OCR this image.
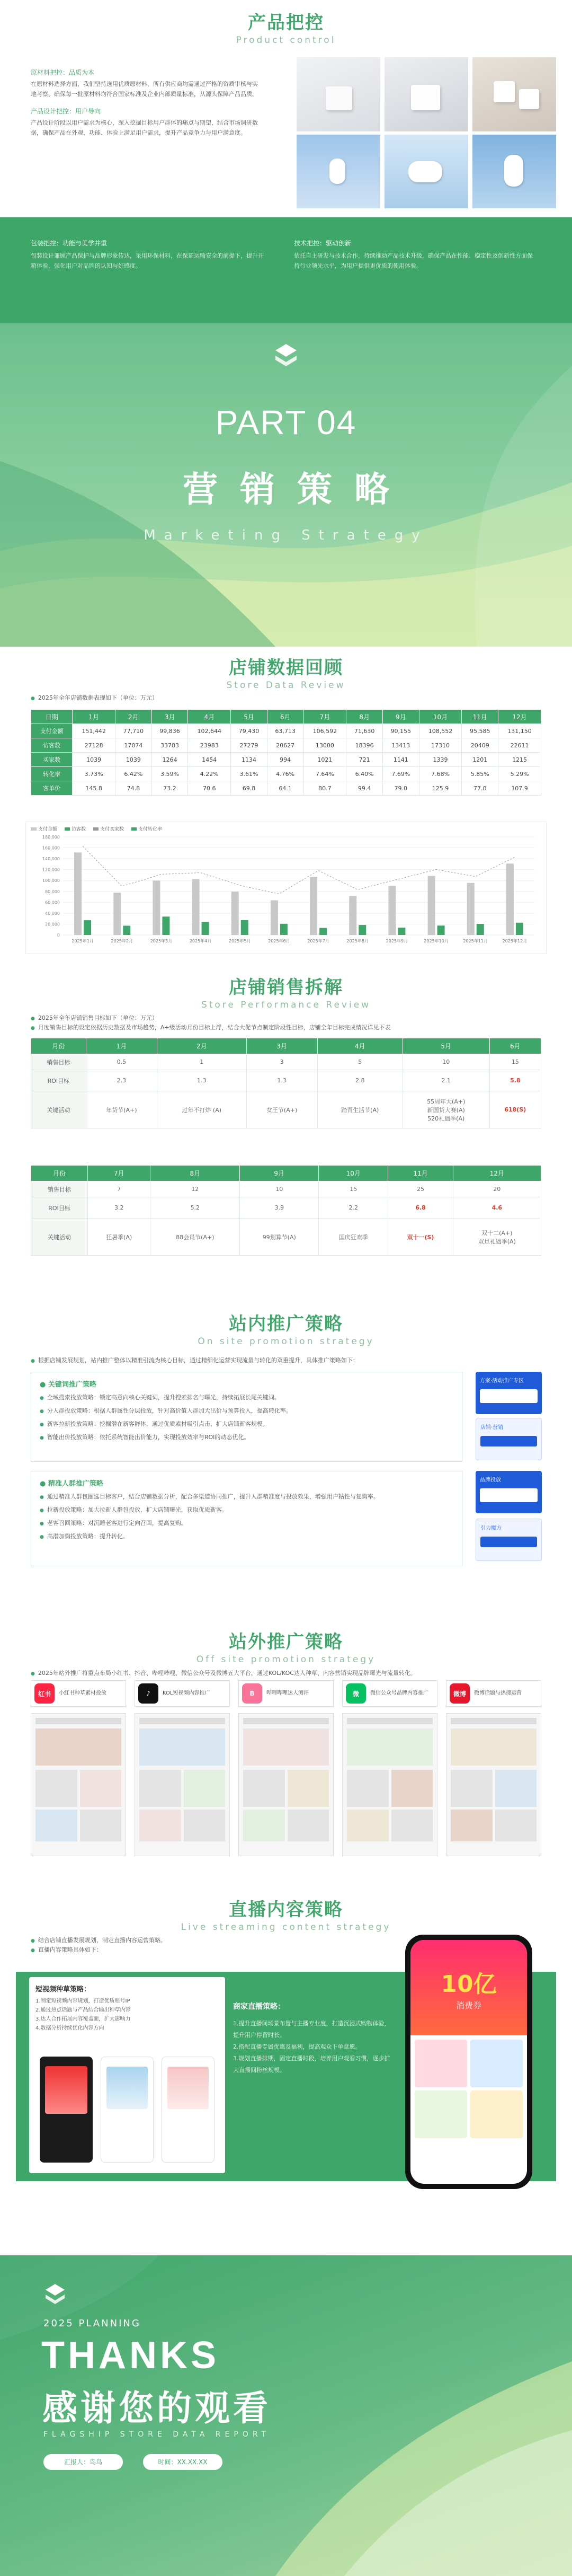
产品把控
Product control
原材料把控：品质为本
在原材料选择方面，我们坚持选用优质原材料，所有供应商均需通过严格的资质审核与实地考察，确保每一批原材料均符合国家标准及企业内部质量标准，从源头保障产品品质。
产品设计把控：用户导向
产品设计阶段以用户需求为核心，深入挖掘目标用户群体的痛点与期望，结合市场调研数据，确保产品在外观、功能、体验上满足用户需求，提升产品竞争力与用户满意度。
包装把控：功能与美学并重
包装设计兼顾产品保护与品牌形象传达，采用环保材料，在保证运输安全的前提下，提升开箱体验，强化用户对品牌的认知与好感度。
技术把控：驱动创新
依托自主研发与技术合作，持续推动产品技术升级，确保产品在性能、稳定性及创新性方面保持行业领先水平，为用户提供更优质的使用体验。
PART 04
营销策略
Marketing Strategy
店铺数据回顾
Store Data Review
● 2025年全年店铺数据表现如下（单位：万元）
日期	1月	2月	3月	4月	5月	6月	7月	8月	9月	10月	11月	12月
支付金额	151,442	77,710	99,836	102,644	79,430	63,713	106,592	71,630	90,155	108,552	95,585	131,150
访客数	27128	17074	33783	23983	27279	20627	13000	18396	13413	17310	20409	22611
买家数	1039	1039	1264	1454	1134	994	1021	721	1141	1339	1201	1215
转化率	3.73%	6.42%	3.59%	4.22%	3.61%	4.76%	7.64%	6.40%	7.69%	7.68%	5.85%	5.29%
客单价	145.8	74.8	73.2	70.6	69.8	64.1	80.7	99.4	79.0	125.9	77.0	107.9
支付金额	访客数	支付买家数	支付转化率
180,000
160,000
140,000
120,000
100,000
80,000
60,000
40,000
20,000
0
2025年1月	2025年2月	2025年3月	2025年4月	2025年5月	2025年6月	2025年7月	2025年8月	2025年9月	2025年10月	2025年11月	2025年12月
店铺销售拆解
Store Performance Review
● 2025年全年店铺销售目标如下（单位：万元）
● 月度销售目标的设定依据历史数据及市场趋势，A+级活动月份目标上浮，结合大促节点制定阶段性目标，店铺全年目标完成情况详见下表
月份	1月	2月	3月	4月	5月	6月
销售目标	0.5	1	3	5	10	15
ROI目标	2.3	1.3	1.3	2.8	2.1	5.8
关键活动	年货节(A+)	过年不打烊 (A)	女王节(A+)	踏青生活节(A)	55周年大(A+)
新国货大赛(A)
520礼遇季(A)	618(S)
月份	7月	8月	9月	10月	11月	12月
销售目标	7	12	10	15	25	20
ROI目标	3.2	5.2	3.9	2.2	6.8	4.6
关键活动	狂暑季(A)	88会员节(A+)	99划算节(A)	国庆狂欢季	双十一(S)	双十二(A+)
双旦礼遇季(A)
站内推广策略
On site promotion strategy
● 根据店铺发展规划，站内推广整体以精准引流为核心目标，通过精细化运营实现流量与转化的双重提升，具体推广策略如下：
● 关键词推广策略
● 全域搜索投放策略：锁定高意向核心关键词，提升搜索排名与曝光，持续拓展长尾关键词。
● 分人群投放策略：根据人群属性分层投放，针对高价值人群加大出价与预算投入，提高转化率。
● 新客拉新投放策略：挖掘潜在新客群体，通过优质素材吸引点击，扩大店铺新客规模。
● 智能出价投放策略：依托系统智能出价能力，实现投放效率与ROI的动态优化。
● 精准人群推广策略
● 通过精准人群包圈选目标客户，结合店铺数据分析，配合多渠道协同推广，提升人群精准度与投放效果，增强用户粘性与复购率。
● 拉新投放策略：加大拉新人群包投放，扩大店铺曝光，获取优质新客。
● 老客召回策略：对沉睡老客进行定向召回，提高复购。
● 高潜加购投放策略：提升转化。
方案·活动推广专区
店铺·营销
品牌投放
引力魔方
站外推广策略
Off site promotion strategy
● 2025年站外推广将重点布局小红书、抖音、哔哩哔哩、微信公众号及微博五大平台，通过KOL/KOC达人种草、内容营销实现品牌曝光与流量转化。
红书	小红书种草素材投放	♪	KOL短视频内容推广	B	哔哩哔哩达人测评	微	微信公众号品牌内容推广	微博	微博话题与热搜运营
直播内容策略
Live streaming content strategy
● 结合店铺直播发展规划，制定直播内容运营策略。
● 直播内容策略具体如下：
短视频种草策略：
1.制定短视频内容规划，打造优质账号IP
2.通过热点话题与产品结合输出种草内容
3.达人合作拓展内容覆盖面，扩大影响力
4.数据分析持续优化内容方向
商家直播策略：
1.提升直播间场景布置与主播专业度，打造沉浸式购物体验，提升用户停留时长。
2.搭配直播专属优惠及福利，提高观众下单意愿。
3.规划直播排期，固定直播时段，培养用户观看习惯，逐步扩大直播间粉丝规模。
10亿
消费券
2025 PLANNING
THANKS
感谢您的观看
FLAGSHIP STORE DATA REPORT
汇报人：鸟鸟	时间：XX.XX.XX
